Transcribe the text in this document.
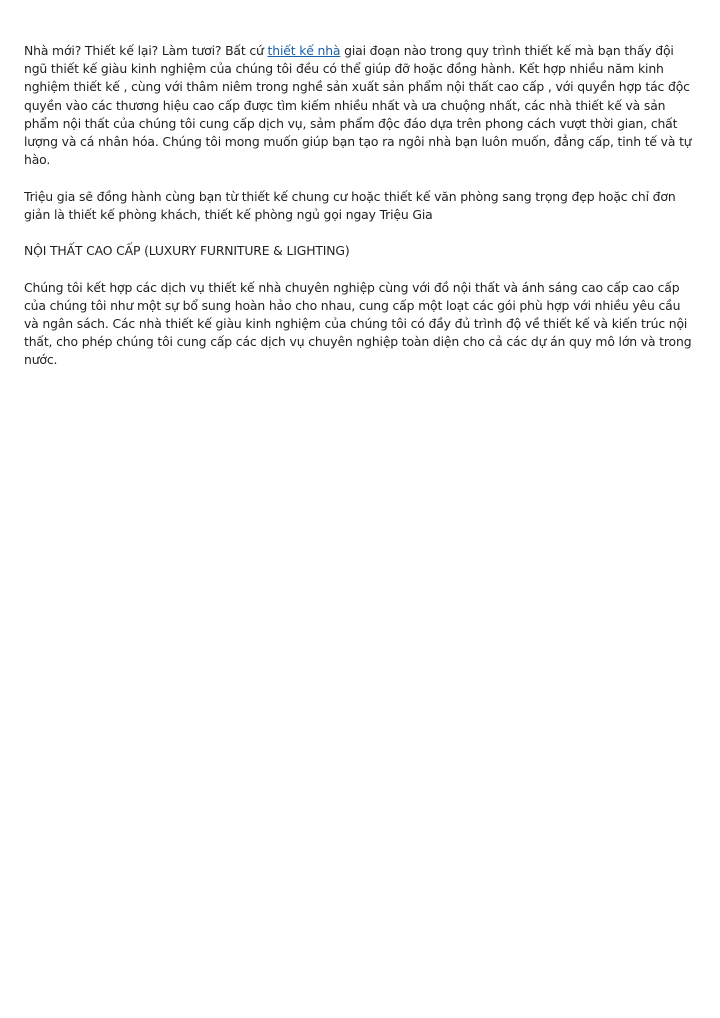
Nhà mới? Thiết kế lại? Làm tươi? Bất cứ thiết kế nhà giai đoạn nào trong quy trình thiết kế mà bạn thấy đội ngũ thiết kế giàu kinh nghiệm của chúng tôi đều có thể giúp đỡ hoặc đồng hành. Kết hợp nhiều năm kinh nghiệm thiết kế , cùng với thâm niêm trong nghề sản xuất sản phẩm nội thất cao cấp , với quyền hợp tác độc quyền vào các thương hiệu cao cấp được tìm kiếm nhiều nhất và ưa chuộng nhất, các nhà thiết kế và sản phẩm nội thất của chúng tôi cung cấp dịch vụ, sảm phẩm độc đáo dựa trên phong cách vượt thời gian, chất lượng và cá nhân hóa. Chúng tôi mong muốn giúp bạn tạo ra ngôi nhà bạn luôn muốn, đẳng cấp, tinh tế và tự hào.

Triệu gia sẽ đồng hành cùng bạn từ thiết kế chung cư hoặc thiết kế văn phòng sang trọng đẹp hoặc chỉ đơn giản là thiết kế phòng khách, thiết kế phòng ngủ gọi ngay Triệu Gia

NỘI THẤT CAO CẤP (LUXURY FURNITURE & LIGHTING)

Chúng tôi kết hợp các dịch vụ thiết kế nhà chuyên nghiệp cùng với đồ nội thất và ánh sáng cao cấp cao cấp của chúng tôi như một sự bổ sung hoàn hảo cho nhau, cung cấp một loạt các gói phù hợp với nhiều yêu cầu và ngân sách. Các nhà thiết kế giàu kinh nghiệm của chúng tôi có đầy đủ trình độ về thiết kế và kiến trúc nội thất, cho phép chúng tôi cung cấp các dịch vụ chuyên nghiệp toàn diện cho cả các dự án quy mô lớn và trong nước.
